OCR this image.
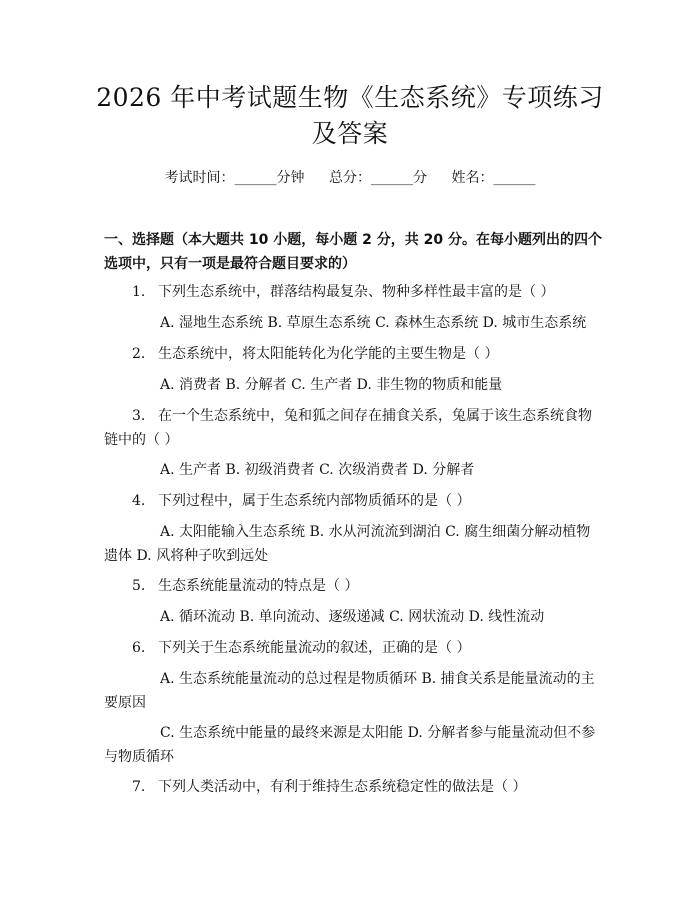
2026 年中考试题生物《生态系统》专项练习
及答案
考试时间：______分钟 总分：______分 姓名：______
一、选择题（本大题共 10 小题，每小题 2 分，共 20 分。在每小题列出的四个选项中，只有一项是最符合题目要求的）
1. 下列生态系统中，群落结构最复杂、物种多样性最丰富的是（ ）
A. 湿地生态系统 B. 草原生态系统 C. 森林生态系统 D. 城市生态系统
2. 生态系统中，将太阳能转化为化学能的主要生物是（ ）
A. 消费者 B. 分解者 C. 生产者 D. 非生物的物质和能量
3. 在一个生态系统中，兔和狐之间存在捕食关系，兔属于该生态系统食物链中的（ ）
A. 生产者 B. 初级消费者 C. 次级消费者 D. 分解者
4. 下列过程中，属于生态系统内部物质循环的是（ ）
A. 太阳能输入生态系统 B. 水从河流流到湖泊 C. 腐生细菌分解动植物遗体 D. 风将种子吹到远处
5. 生态系统能量流动的特点是（ ）
A. 循环流动 B. 单向流动、逐级递减 C. 网状流动 D. 线性流动
6. 下列关于生态系统能量流动的叙述，正确的是（ ）
A. 生态系统能量流动的总过程是物质循环 B. 捕食关系是能量流动的主要原因
C. 生态系统中能量的最终来源是太阳能 D. 分解者参与能量流动但不参与物质循环
7. 下列人类活动中，有利于维持生态系统稳定性的做法是（ ）
